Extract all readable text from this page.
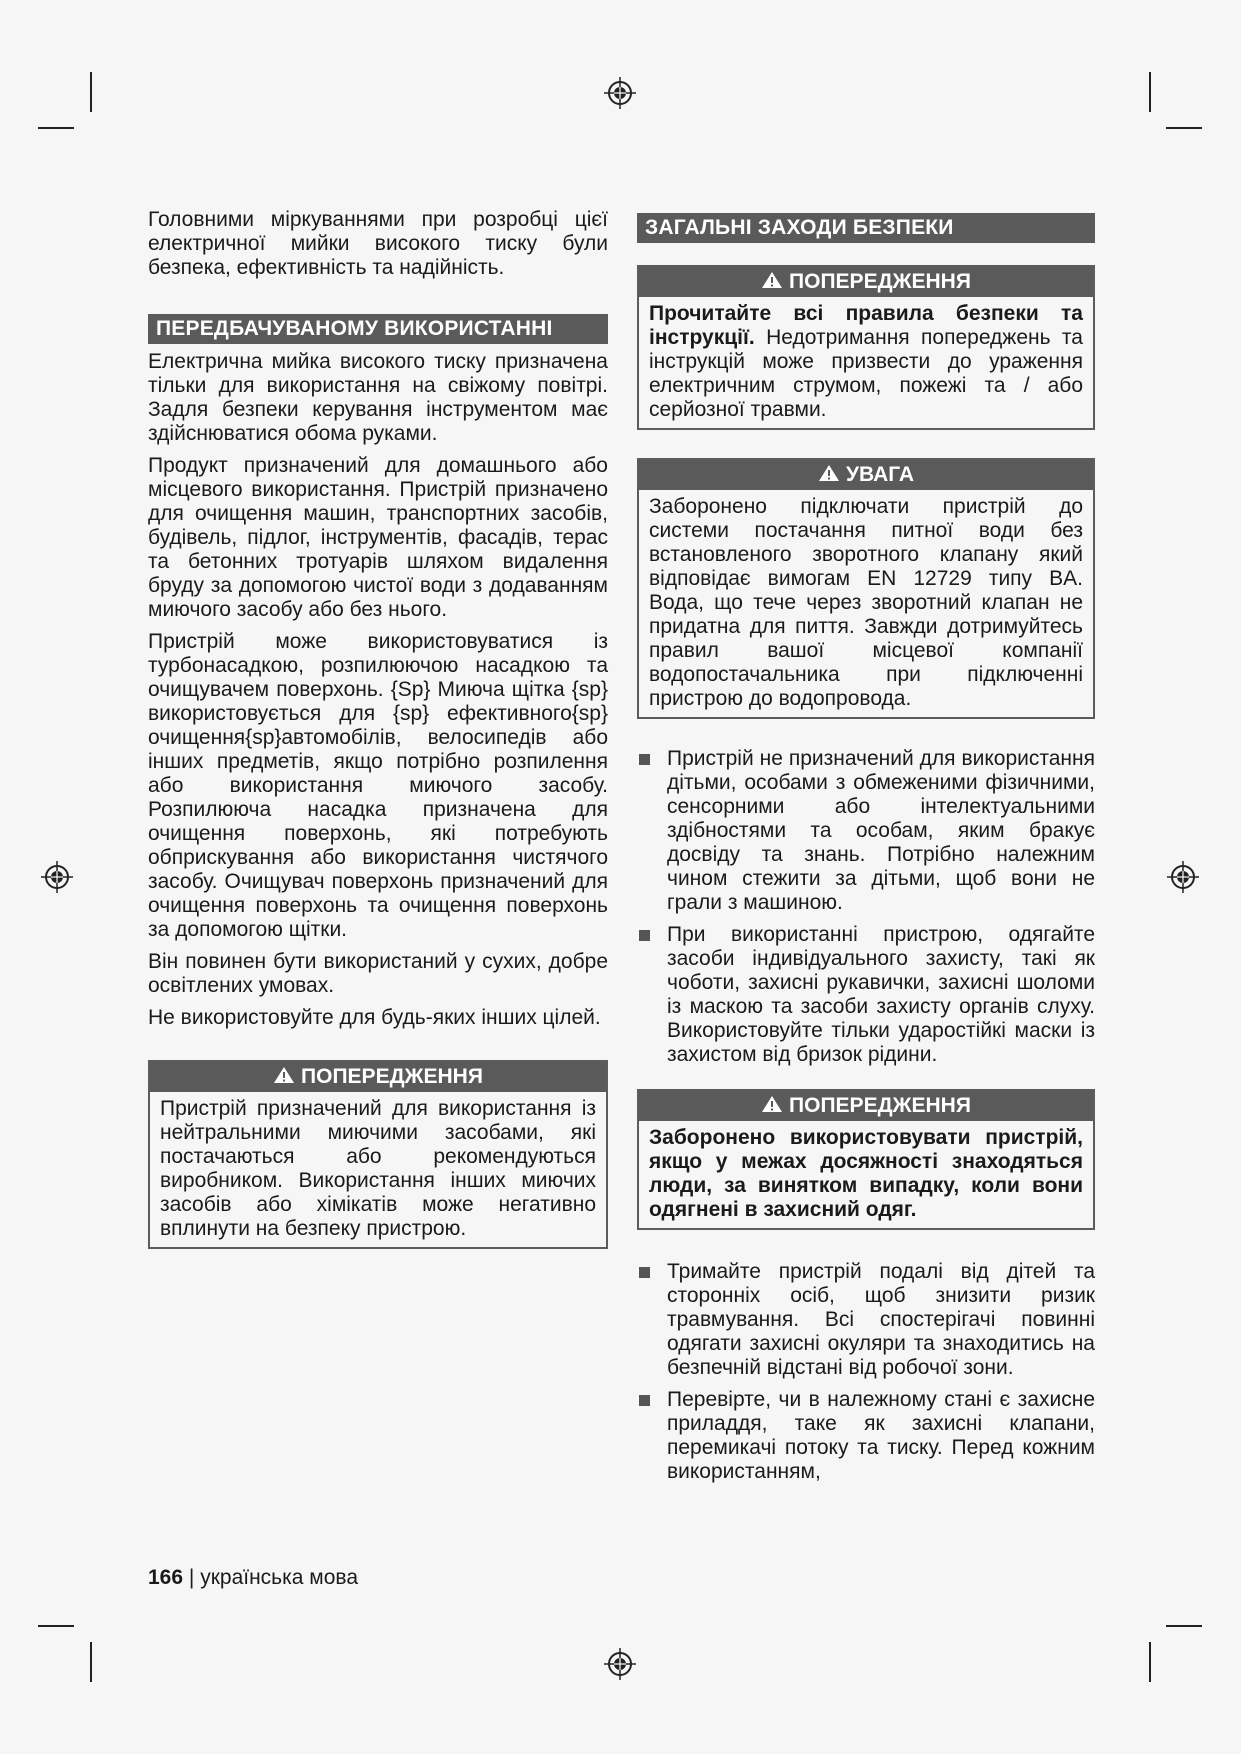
Головними міркуваннями при розробці цієї електричної мийки високого тиску були безпека, ефективність та надійність.

ПЕРЕДБАЧУВАНОМУ ВИКОРИСТАННІ

Електрична мийка високого тиску призначена тільки для використання на свіжому повітрі. Задля безпеки керування інструментом має здійснюватися обома руками.

Продукт призначений для домашнього або місцевого використання. Пристрій призначено для очищення машин, транспортних засобів, будівель, підлог, інструментів, фасадів, терас та бетонних тротуарів шляхом видалення бруду за допомогою чистої води з додаванням миючого засобу або без нього.

Пристрій може використовуватися із турбонасадкою, розпилюючою насадкою та очищувачем поверхонь. {Sp} Миюча щітка {sp} використовується для {sp} ефективного{sp}очищення{sp}автомобілів, велосипедів або інших предметів, якщо потрібно розпилення або використання миючого засобу. Розпилююча насадка призначена для очищення поверхонь, які потребують обприскування або використання чистячого засобу. Очищувач поверхонь призначений для очищення поверхонь та очищення поверхонь за допомогою щітки.

Він повинен бути використаний у сухих, добре освітлених умовах.

Не використовуйте для будь-яких інших цілей.

ПОПЕРЕДЖЕННЯ

Пристрій призначений для використання із нейтральними миючими засобами, які постачаються або рекомендуються виробником. Використання інших миючих засобів або хімікатів може негативно вплинути на безпеку пристрою.

ЗАГАЛЬНІ ЗАХОДИ БЕЗПЕКИ
ПОПЕРЕДЖЕННЯ

Прочитайте всі правила безпеки та інструкції. Недотримання попереджень та інструкцій може призвести до ураження електричним струмом, пожежі та / або серйозної травми.

УВАГА

Заборонено підключати пристрій до системи постачання питної води без встановленого зворотного клапану який відповідає вимогам EN 12729 типу BA. Вода, що тече через зворотний клапан не придатна для пиття. Завжди дотримуйтесь правил вашої місцевої компанії водопостачальника при підключенні пристрою до водопровода.

Пристрій не призначений для використання дітьми, особами з обмеженими фізичними, сенсорними або інтелектуальними здібностями та особам, яким бракує досвіду та знань. Потрібно належним чином стежити за дітьми, щоб вони не грали з машиною.
При використанні пристрою, одягайте засоби індивідуального захисту, такі як чоботи, захисні рукавички, захисні шоломи із маскою та засоби захисту органів слуху. Використовуйте тільки ударостійкі маски із захистом від бризок рідини.
ПОПЕРЕДЖЕННЯ

Заборонено використовувати пристрій, якщо у межах досяжності знаходяться люди, за винятком випадку, коли вони одягнені в захисний одяг.

Тримайте пристрій подалі від дітей та сторонніх осіб, щоб знизити ризик травмування. Всі спостерігачі повинні одягати захисні окуляри та знаходитись на безпечній відстані від робочої зони.
Перевірте, чи в належному стані є захисне приладдя, таке як захисні клапани, перемикачі потоку та тиску. Перед кожним використанням,
166 | українська мова
